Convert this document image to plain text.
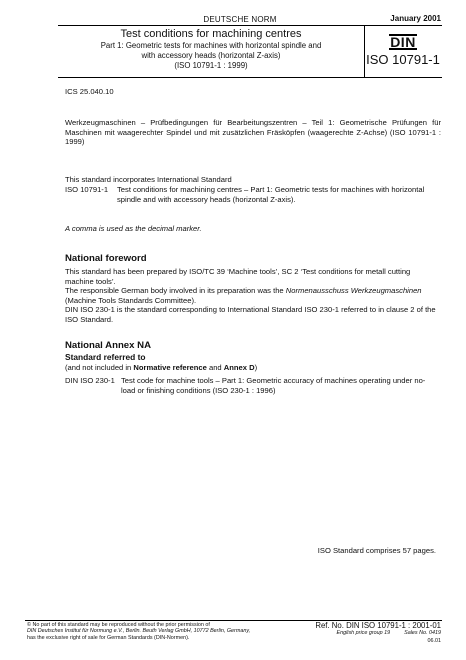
DEUTSCHE NORM	January 2001
Test conditions for machining centres
Part 1: Geometric tests for machines with horizontal spindle and
with accessory heads (horizontal Z-axis)
(ISO 10791-1 : 1999)
DIN
ISO 10791-1
ICS 25.040.10
Werkzeugmaschinen – Prüfbedingungen für Bearbeitungszentren – Teil 1: Geometrische Prüfungen für Maschinen mit waagerechter Spindel und mit zusätzlichen Fräsköpfen (waagerechte Z-Achse) (ISO 10791-1 : 1999)
This standard incorporates International Standard
ISO 10791-1 Test conditions for machining centres – Part 1: Geometric tests for machines with horizontal spindle and with accessory heads (horizontal Z-axis).
A comma is used as the decimal marker.
National foreword
This standard has been prepared by ISO/TC 39 ‘Machine tools’, SC 2 ‘Test conditions for metall cutting machine tools’.
The responsible German body involved in its preparation was the Normenausschuss Werkzeugmaschinen (Machine Tools Standards Committee).
DIN ISO 230-1 is the standard corresponding to International Standard ISO 230-1 referred to in clause 2 of the ISO Standard.
National Annex NA
Standard referred to
(and not included in Normative reference and Annex D)
DIN ISO 230-1 Test code for machine tools – Part 1: Geometric accuracy of machines operating under no-load or finishing conditions (ISO 230-1 : 1996)
ISO Standard comprises 57 pages.
© No part of this standard may be reproduced without the prior permission of
DIN Deutsches Institut für Normung e.V., Berlin. Beuth Verlag GmbH, 10772 Berlin, Germany,
has the exclusive right of sale for German Standards (DIN-Normen).
Ref. No. DIN ISO 10791-1 : 2001-01
English price group 19	Sales No. 0419
06.01
